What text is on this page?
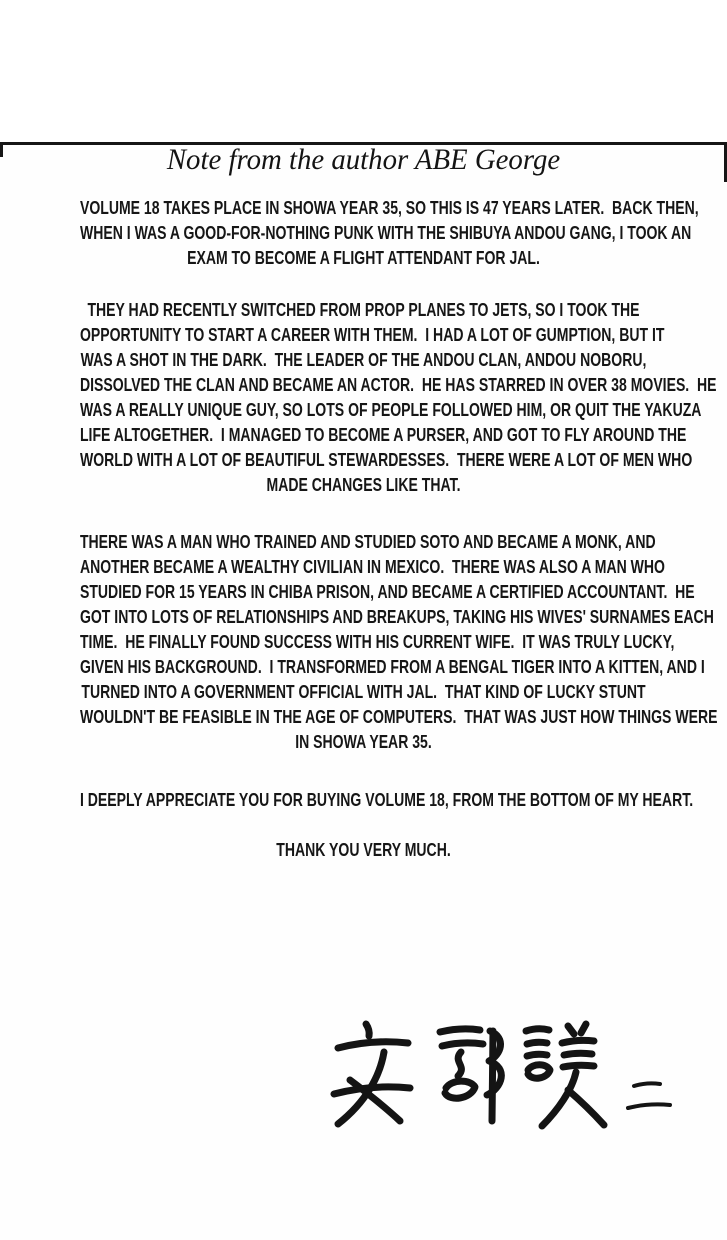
Note from the author ABE George
VOLUME 18 TAKES PLACE IN SHOWA YEAR 35, SO THIS IS 47 YEARS LATER.  BACK THEN,
WHEN I WAS A GOOD-FOR-NOTHING PUNK WITH THE SHIBUYA ANDOU GANG, I TOOK AN
EXAM TO BECOME A FLIGHT ATTENDANT FOR JAL.
THEY HAD RECENTLY SWITCHED FROM PROP PLANES TO JETS, SO I TOOK THE
OPPORTUNITY TO START A CAREER WITH THEM.  I HAD A LOT OF GUMPTION, BUT IT
WAS A SHOT IN THE DARK.  THE LEADER OF THE ANDOU CLAN, ANDOU NOBORU,
DISSOLVED THE CLAN AND BECAME AN ACTOR.  HE HAS STARRED IN OVER 38 MOVIES.  HE
WAS A REALLY UNIQUE GUY, SO LOTS OF PEOPLE FOLLOWED HIM, OR QUIT THE YAKUZA
LIFE ALTOGETHER.  I MANAGED TO BECOME A PURSER, AND GOT TO FLY AROUND THE
WORLD WITH A LOT OF BEAUTIFUL STEWARDESSES.  THERE WERE A LOT OF MEN WHO
MADE CHANGES LIKE THAT.
THERE WAS A MAN WHO TRAINED AND STUDIED SOTO AND BECAME A MONK, AND
ANOTHER BECAME A WEALTHY CIVILIAN IN MEXICO.  THERE WAS ALSO A MAN WHO
STUDIED FOR 15 YEARS IN CHIBA PRISON, AND BECAME A CERTIFIED ACCOUNTANT.  HE
GOT INTO LOTS OF RELATIONSHIPS AND BREAKUPS, TAKING HIS WIVES' SURNAMES EACH
TIME.  HE FINALLY FOUND SUCCESS WITH HIS CURRENT WIFE.  IT WAS TRULY LUCKY,
GIVEN HIS BACKGROUND.  I TRANSFORMED FROM A BENGAL TIGER INTO A KITTEN, AND I
TURNED INTO A GOVERNMENT OFFICIAL WITH JAL.  THAT KIND OF LUCKY STUNT
WOULDN'T BE FEASIBLE IN THE AGE OF COMPUTERS.  THAT WAS JUST HOW THINGS WERE
IN SHOWA YEAR 35.
I DEEPLY APPRECIATE YOU FOR BUYING VOLUME 18, FROM THE BOTTOM OF MY HEART.
THANK YOU VERY MUCH.
